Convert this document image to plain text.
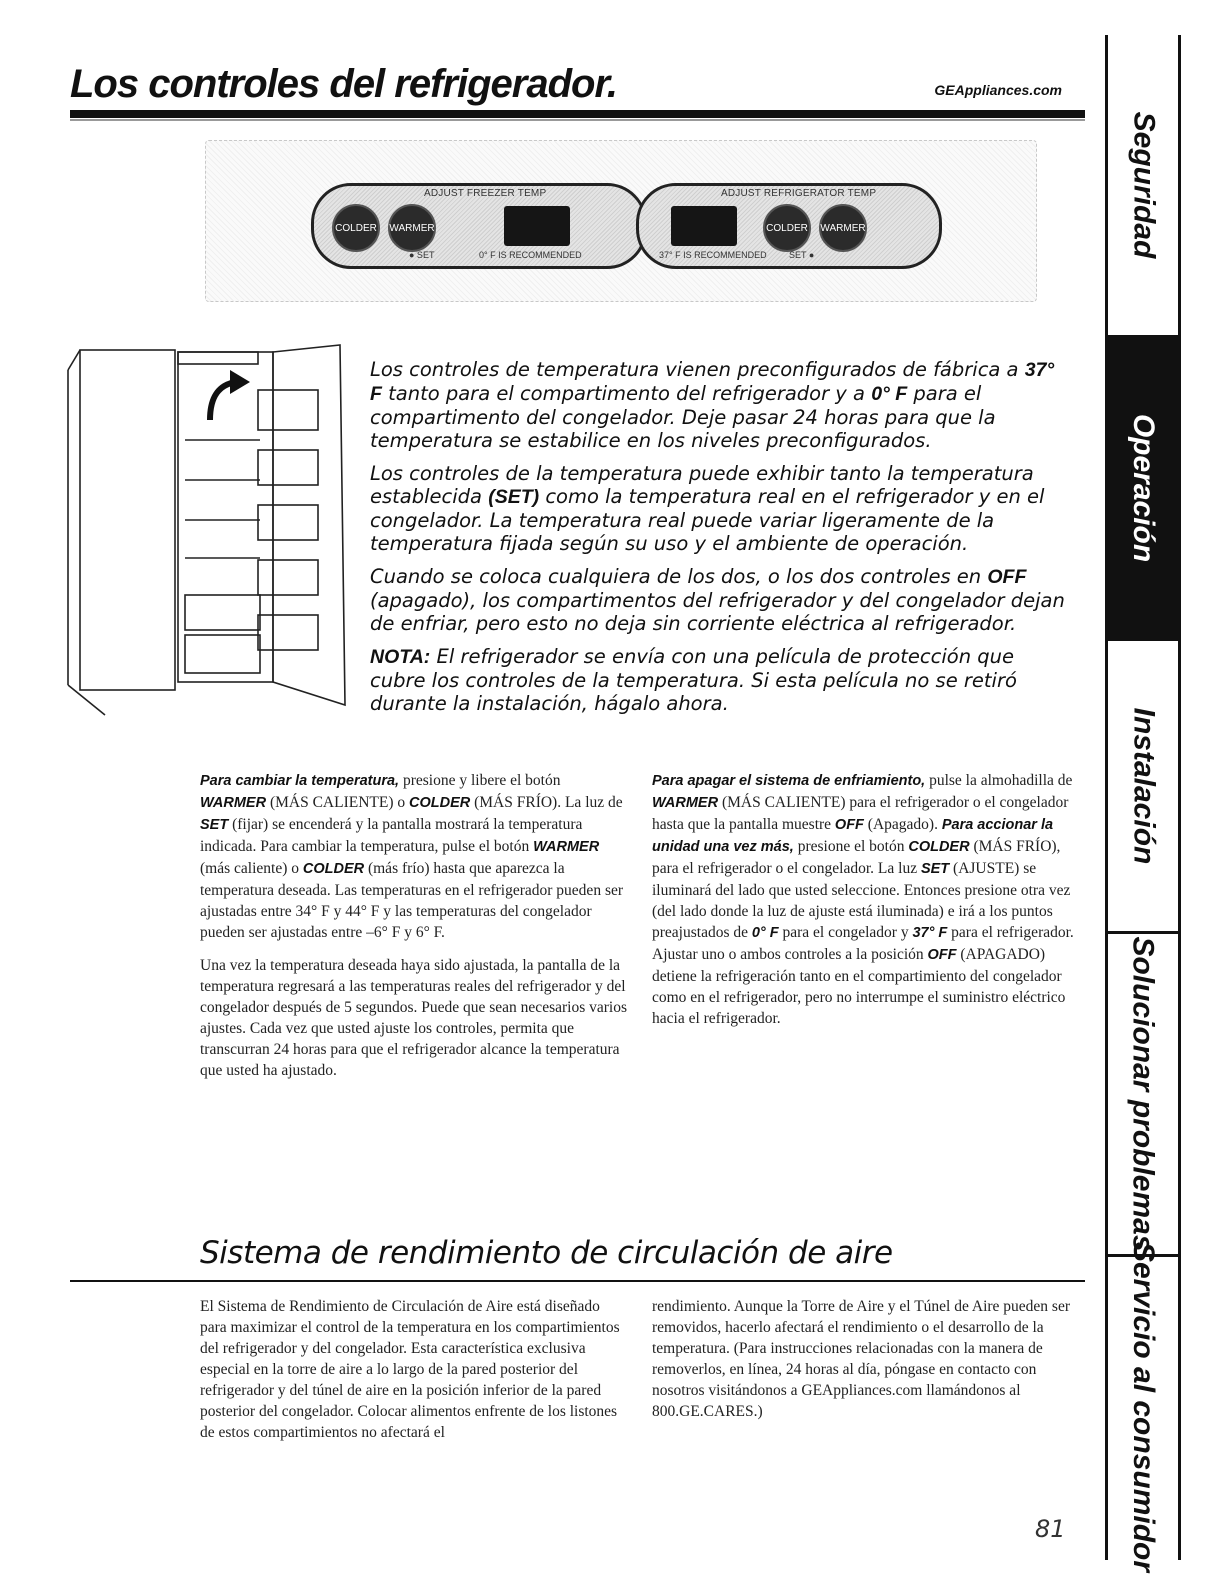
Los controles del refrigerador.	GEAppliances.com
ADJUST FREEZER TEMP
COLDER	WARMER
● SET	0° F IS RECOMMENDED
ADJUST REFRIGERATOR TEMP
COLDER	WARMER
37° F IS RECOMMENDED SET ●	Seguridad
Operación
Instalación
Solucionar problemas
Servicio al consumidor

Los controles de temperatura vienen preconfigurados de fábrica a 37° F tanto para el compartimento del refrigerador y a 0° F para el compartimento del congelador. Deje pasar 24 horas para que la temperatura se estabilice en los niveles preconfigurados.

Los controles de la temperatura puede exhibir tanto la temperatura establecida (SET) como la temperatura real en el refrigerador y en el congelador. La temperatura real puede variar ligeramente de la temperatura fijada según su uso y el ambiente de operación.

Cuando se coloca cualquiera de los dos, o los dos controles en OFF (apagado), los compartimentos del refrigerador y del congelador dejan de enfriar, pero esto no deja sin corriente eléctrica al refrigerador.

NOTA: El refrigerador se envía con una película de protección que cubre los controles de la temperatura. Si esta película no se retiró durante la instalación, hágalo ahora.

Para cambiar la temperatura, presione y libere el botón WARMER (MÁS CALIENTE) o COLDER (MÁS FRÍO). La luz de SET (fijar) se encenderá y la pantalla mostrará la temperatura indicada. Para cambiar la temperatura, pulse el botón WARMER (más caliente) o COLDER (más frío) hasta que aparezca la temperatura deseada. Las temperaturas en el refrigerador pueden ser ajustadas entre 34° F y 44° F y las temperaturas del congelador pueden ser ajustadas entre –6° F y 6° F.

Una vez la temperatura deseada haya sido ajustada, la pantalla de la temperatura regresará a las temperaturas reales del refrigerador y del congelador después de 5 segundos. Puede que sean necesarios varios ajustes. Cada vez que usted ajuste los controles, permita que transcurran 24 horas para que el refrigerador alcance la temperatura que usted ha ajustado.

Para apagar el sistema de enfriamiento, pulse la almohadilla de WARMER (MÁS CALIENTE) para el refrigerador o el congelador hasta que la pantalla muestre OFF (Apagado). Para accionar la unidad una vez más, presione el botón COLDER (MÁS FRÍO), para el refrigerador o el congelador. La luz SET (AJUSTE) se iluminará del lado que usted seleccione. Entonces presione otra vez (del lado donde la luz de ajuste está iluminada) e irá a los puntos preajustados de 0° F para el congelador y 37° F para el refrigerador. Ajustar uno o ambos controles a la posición OFF (APAGADO) detiene la refrigeración tanto en el compartimiento del congelador como en el refrigerador, pero no interrumpe el suministro eléctrico hacia el refrigerador.

Sistema de rendimiento de circulación de aire

El Sistema de Rendimiento de Circulación de Aire está diseñado para maximizar el control de la temperatura en los compartimientos del refrigerador y del congelador. Esta característica exclusiva especial en la torre de aire a lo largo de la pared posterior del refrigerador y del túnel de aire en la posición inferior de la pared posterior del congelador. Colocar alimentos enfrente de los listones de estos compartimientos no afectará el

rendimiento. Aunque la Torre de Aire y el Túnel de Aire pueden ser removidos, hacerlo afectará el rendimiento o el desarrollo de la temperatura. (Para instrucciones relacionadas con la manera de removerlos, en línea, 24 horas al día, póngase en contacto con nosotros visitándonos a GEAppliances.com llamándonos al 800.GE.CARES.)

81
